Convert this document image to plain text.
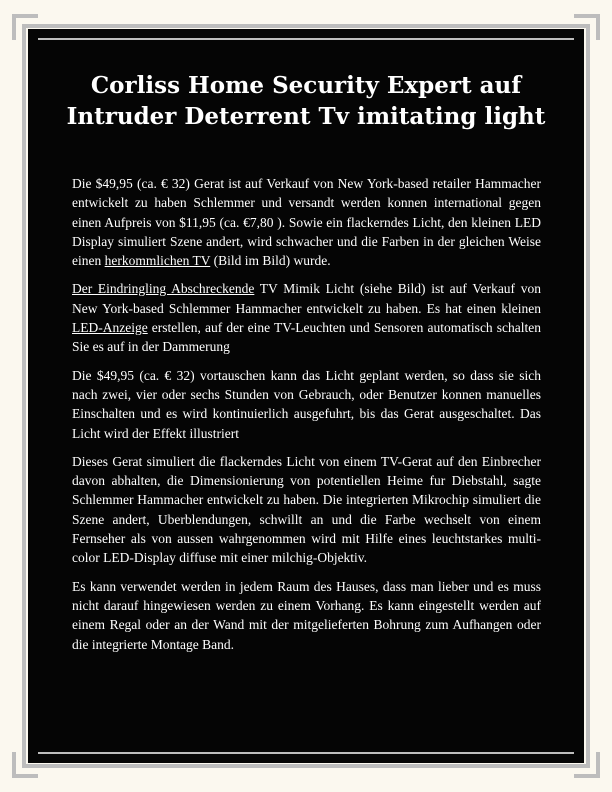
Corliss Home Security Expert auf
Intruder Deterrent Tv imitating light

Die $49,95 (ca. € 32) Gerat ist auf Verkauf von New York-based retailer Hammacher entwickelt zu haben Schlemmer und versandt werden konnen international gegen einen Aufpreis von $11,95 (ca. €7,80 ). Sowie ein flackerndes Licht, den kleinen LED Display simuliert Szene andert, wird schwacher und die Farben in der gleichen Weise einen herkommlichen TV (Bild im Bild) wurde.

Der Eindringling Abschreckende TV Mimik Licht (siehe Bild) ist auf Verkauf von New York-based Schlemmer Hammacher entwickelt zu haben. Es hat einen kleinen LED-Anzeige erstellen, auf der eine TV-Leuchten und Sensoren automatisch schalten Sie es auf in der Dammerung

Die $49,95 (ca. € 32) vortauschen kann das Licht geplant werden, so dass sie sich nach zwei, vier oder sechs Stunden von Gebrauch, oder Benutzer konnen manuelles Einschalten und es wird kontinuierlich ausgefuhrt, bis das Gerat ausgeschaltet. Das Licht wird der Effekt illustriert

Dieses Gerat simuliert die flackerndes Licht von einem TV-Gerat auf den Einbrecher davon abhalten, die Dimensionierung von potentiellen Heime fur Diebstahl, sagte Schlemmer Hammacher entwickelt zu haben. Die integrierten Mikrochip simuliert die Szene andert, Uberblendungen, schwillt an und die Farbe wechselt von einem Fernseher als von aussen wahrgenommen wird mit Hilfe eines leuchtstarkes multi-color LED-Display diffuse mit einer milchig-Objektiv.

Es kann verwendet werden in jedem Raum des Hauses, dass man lieber und es muss nicht darauf hingewiesen werden zu einem Vorhang. Es kann eingestellt werden auf einem Regal oder an der Wand mit der mitgelieferten Bohrung zum Aufhangen oder die integrierte Montage Band.
